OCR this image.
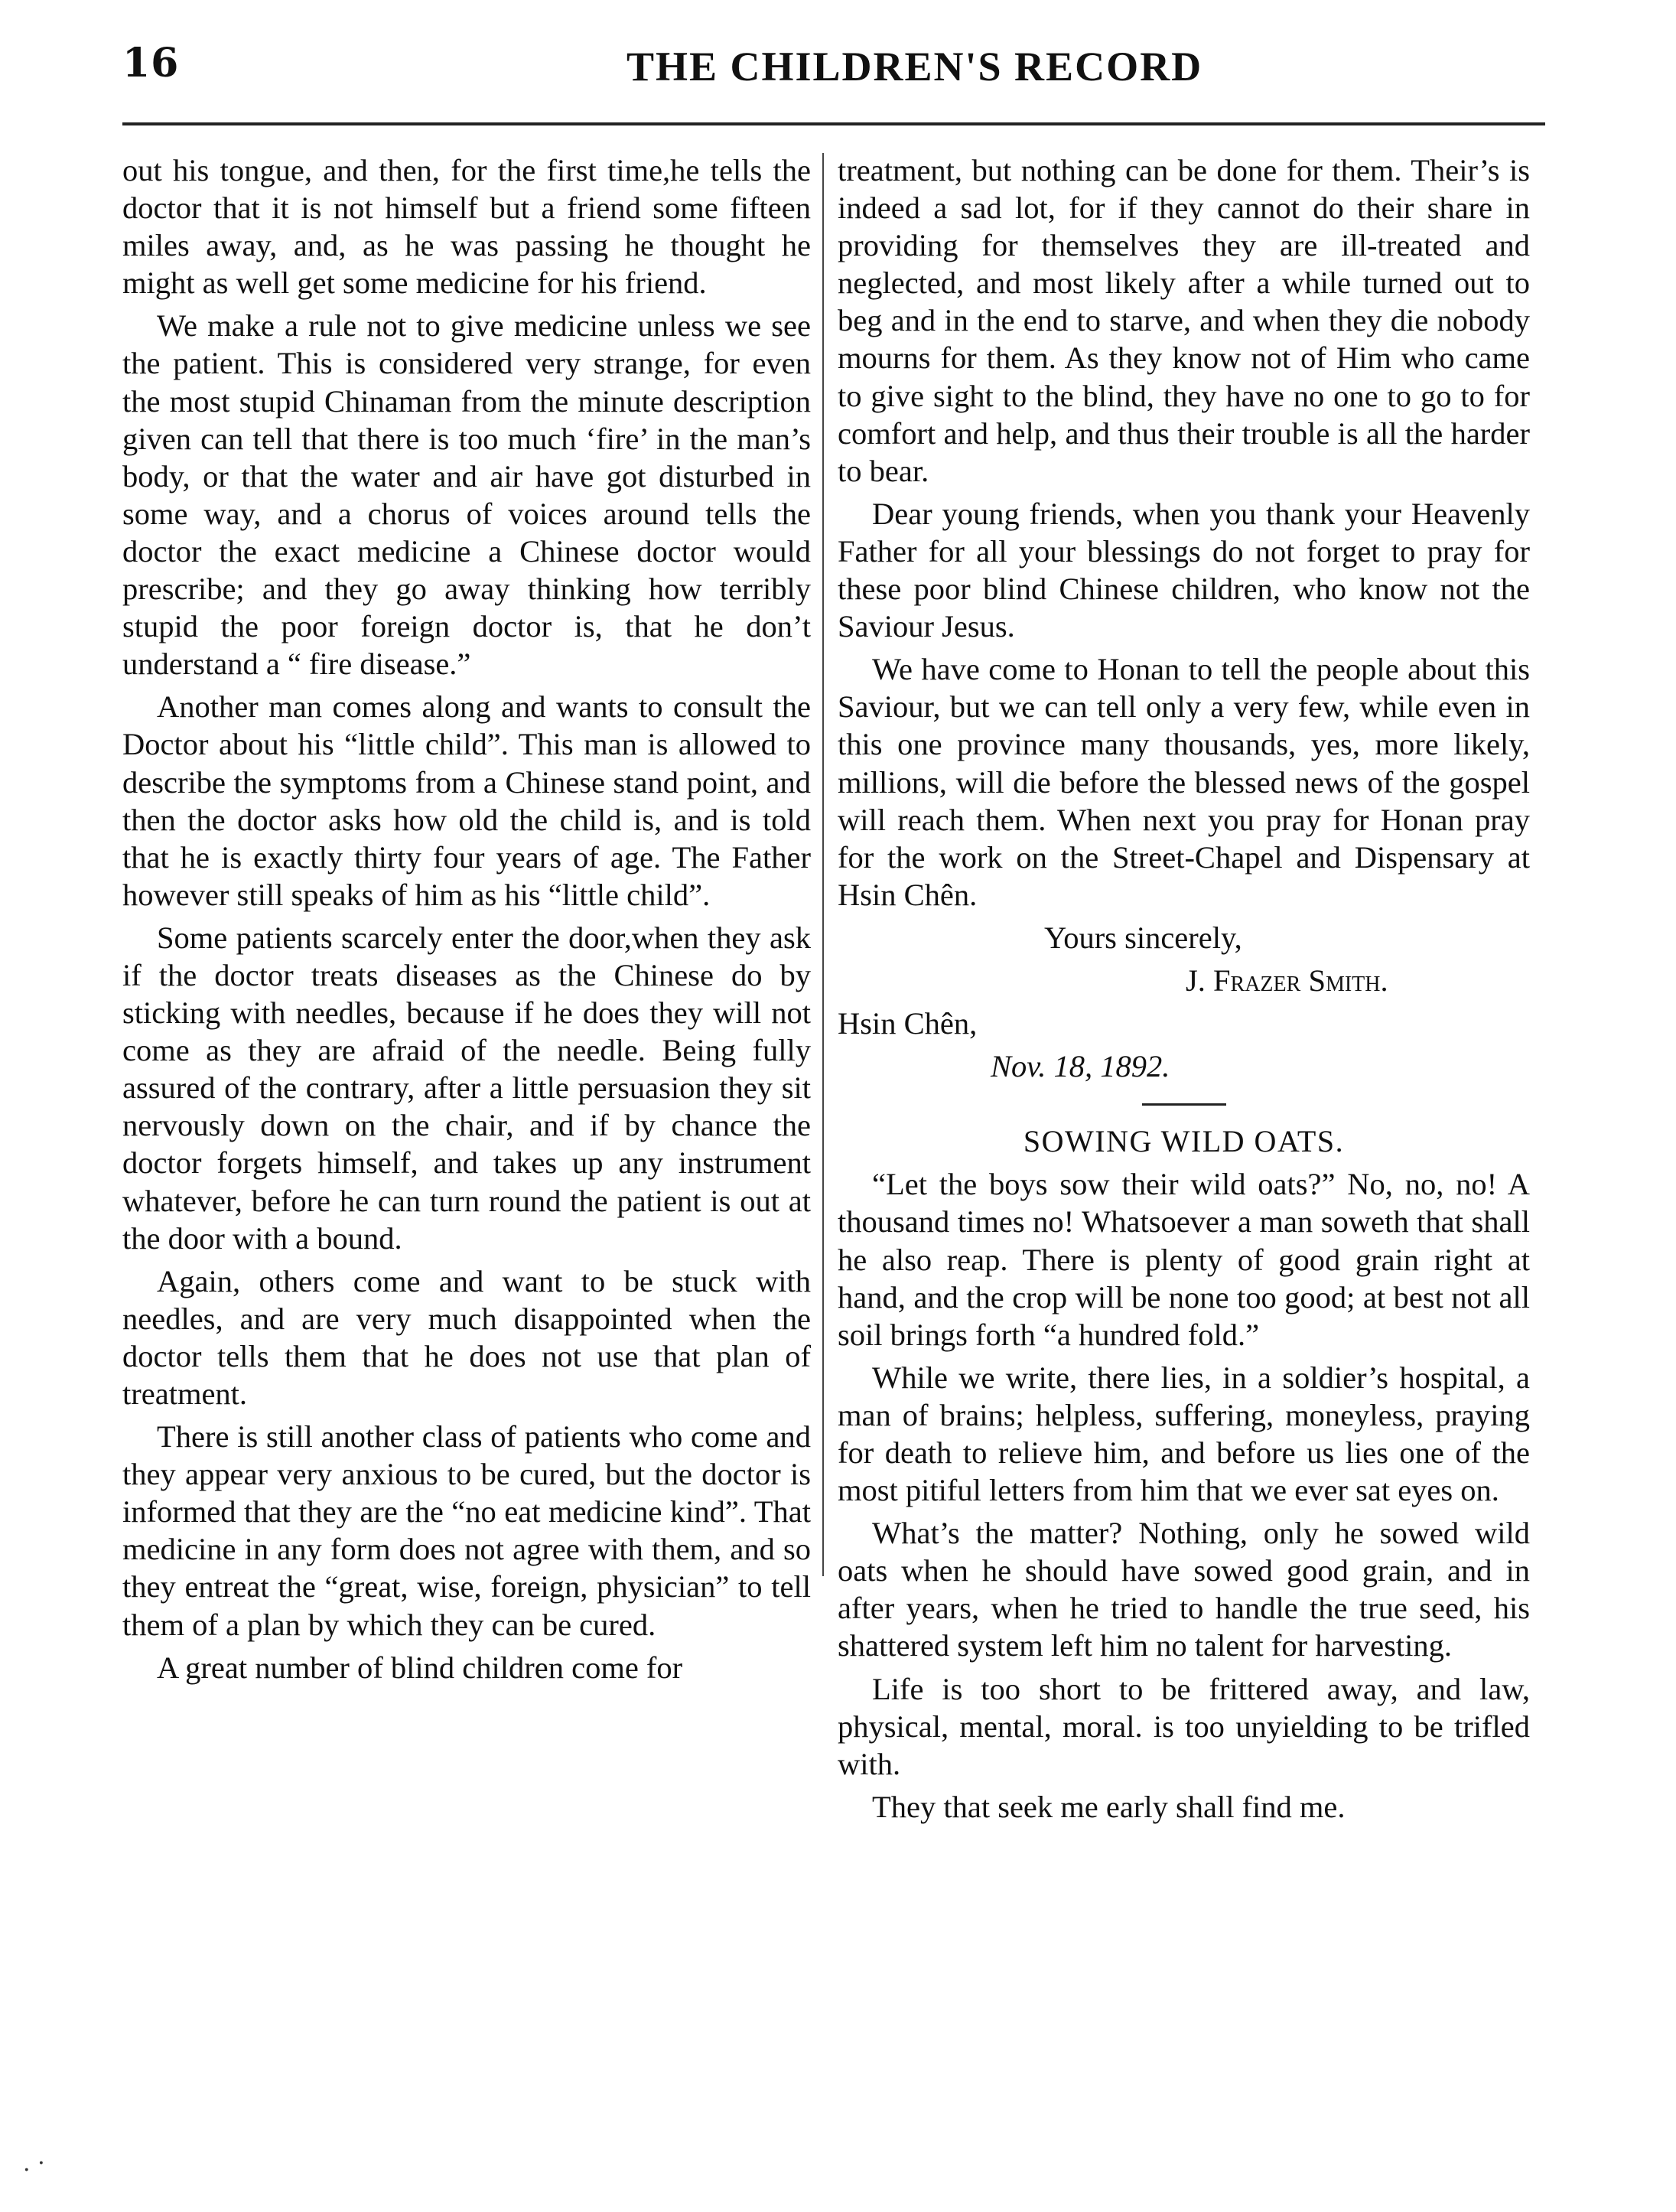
16	THE CHILDREN'S RECORD

out his tongue, and then, for the first time,he tells the doctor that it is not himself but a friend some fifteen miles away, and, as he was passing he thought he might as well get some medicine for his friend.

We make a rule not to give medicine unless we see the patient. This is considered very strange, for even the most stupid Chinaman from the minute description given can tell that there is too much ‘fire’ in the man’s body, or that the water and air have got disturbed in some way, and a chorus of voices around tells the doctor the exact medicine a Chinese doctor would prescribe; and they go away thinking how terribly stupid the poor foreign doctor is, that he don’t understand a “ fire disease.”

Another man comes along and wants to consult the Doctor about his “little child”. This man is allowed to describe the symptoms from a Chinese stand point, and then the doctor asks how old the child is, and is told that he is exactly thirty four years of age. The Father however still speaks of him as his “little child”.

Some patients scarcely enter the door,when they ask if the doctor treats diseases as the Chinese do by sticking with needles, because if he does they will not come as they are afraid of the needle. Being fully assured of the contrary, after a little persuasion they sit nervously down on the chair, and if by chance the doctor forgets himself, and takes up any instrument whatever, before he can turn round the patient is out at the door with a bound.

Again, others come and want to be stuck with needles, and are very much disappointed when the doctor tells them that he does not use that plan of treatment.

There is still another class of patients who come and they appear very anxious to be cured, but the doctor is informed that they are the “no eat medicine kind”. That medicine in any form does not agree with them, and so they entreat the “great, wise, foreign, physician” to tell them of a plan by which they can be cured.

A great number of blind children come for

treatment, but nothing can be done for them. Their’s is indeed a sad lot, for if they cannot do their share in providing for themselves they are ill-treated and neglected, and most likely after a while turned out to beg and in the end to starve, and when they die nobody mourns for them. As they know not of Him who came to give sight to the blind, they have no one to go to for comfort and help, and thus their trouble is all the harder to bear.

Dear young friends, when you thank your Heavenly Father for all your blessings do not forget to pray for these poor blind Chinese children, who know not the Saviour Jesus.

We have come to Honan to tell the people about this Saviour, but we can tell only a very few, while even in this one province many thousands, yes, more likely, millions, will die before the blessed news of the gospel will reach them. When next you pray for Honan pray for the work on the Street-Chapel and Dispensary at Hsin Chên.

Yours sincerely,

J. Frazer Smith.

Hsin Chên,

Nov. 18, 1892.

SOWING WILD OATS.

“Let the boys sow their wild oats?” No, no, no! A thousand times no! Whatsoever a man soweth that shall he also reap. There is plenty of good grain right at hand, and the crop will be none too good; at best not all soil brings forth “a hundred fold.”

While we write, there lies, in a soldier’s hospital, a man of brains; helpless, suffering, moneyless, praying for death to relieve him, and before us lies one of the most pitiful letters from him that we ever sat eyes on.

What’s the matter? Nothing, only he sowed wild oats when he should have sowed good grain, and in after years, when he tried to handle the true seed, his shattered system left him no talent for harvesting.

Life is too short to be frittered away, and law, physical, mental, moral. is too unyielding to be trifled with.

They that seek me early shall find me.

. ·
